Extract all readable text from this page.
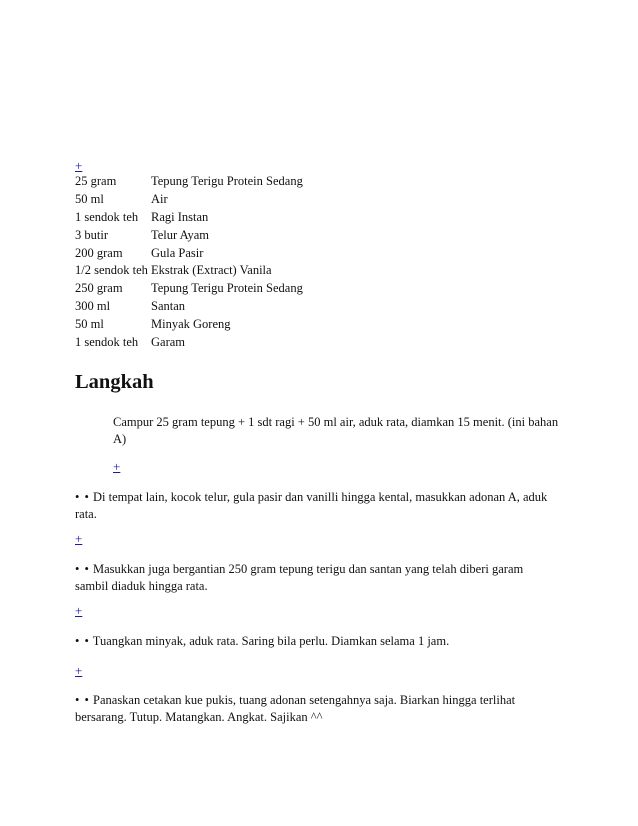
+
25 gram	Tepung Terigu Protein Sedang
50 ml	Air
1 sendok teh	Ragi Instan
3 butir	Telur Ayam
200 gram	Gula Pasir
1/2 sendok teh Ekstrak (Extract) Vanila
250 gram	Tepung Terigu Protein Sedang
300 ml	Santan
50 ml	Minyak Goreng
1 sendok teh	Garam
Langkah

Campur 25 gram tepung + 1 sdt ragi + 50 ml air, aduk rata, diamkan 15 menit. (ini bahan A)

+

• • Di tempat lain, kocok telur, gula pasir dan vanilli hingga kental, masukkan adonan A, aduk rata.

+

• • Masukkan juga bergantian 250 gram tepung terigu dan santan yang telah diberi garam sambil diaduk hingga rata.

+

• • Tuangkan minyak, aduk rata. Saring bila perlu. Diamkan selama 1 jam.

+

• • Panaskan cetakan kue pukis, tuang adonan setengahnya saja. Biarkan hingga terlihat bersarang. Tutup. Matangkan. Angkat. Sajikan ^^
